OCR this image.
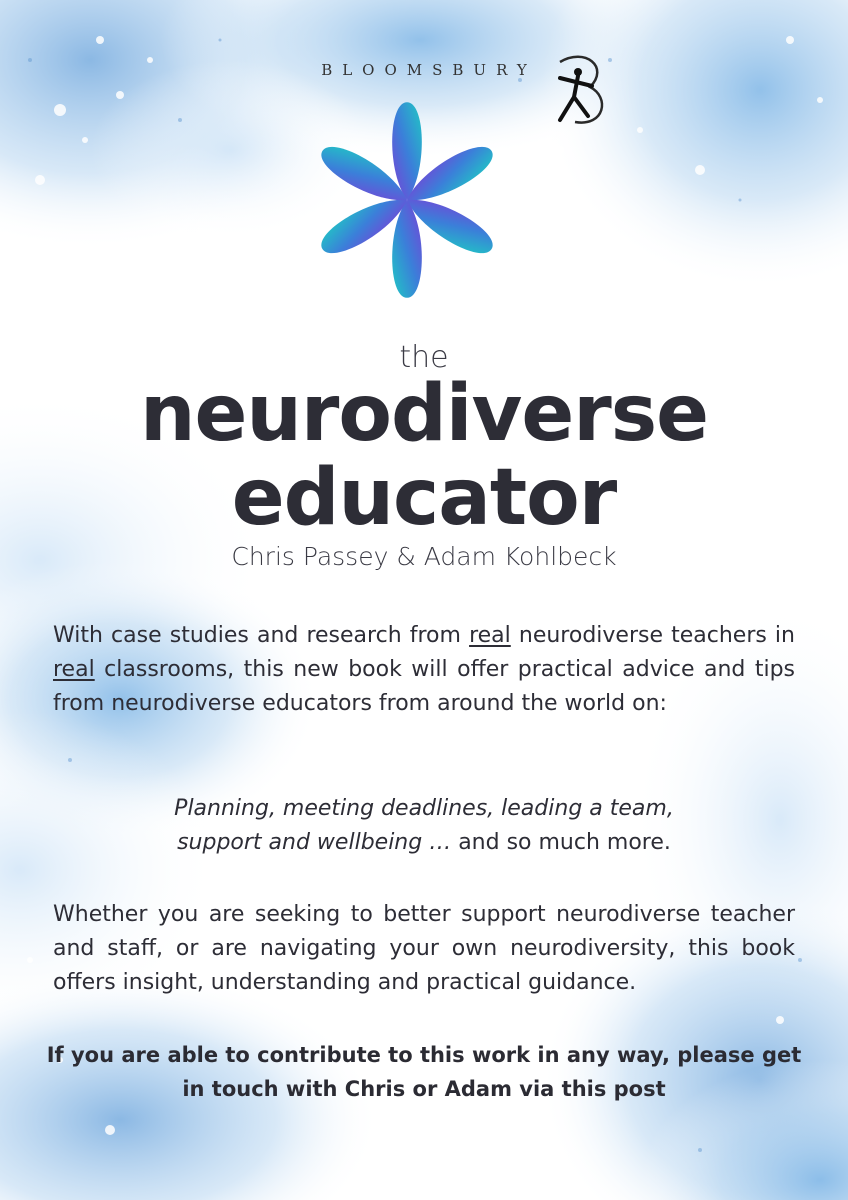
BLOOMSBURY
the
neurodiverse
educator
Chris Passey & Adam Kohlbeck
With case studies and research from real neurodiverse teachers in real classrooms, this new book will offer practical advice and tips from neurodiverse educators from around the world on:
Planning, meeting deadlines, leading a team,
support and wellbeing … and so much more.
Whether you are seeking to better support neurodiverse teacher and staff, or are navigating your own neurodiversity, this book offers insight, understanding and practical guidance.
If you are able to contribute to this work in any way, please get in touch with Chris or Adam via this post
